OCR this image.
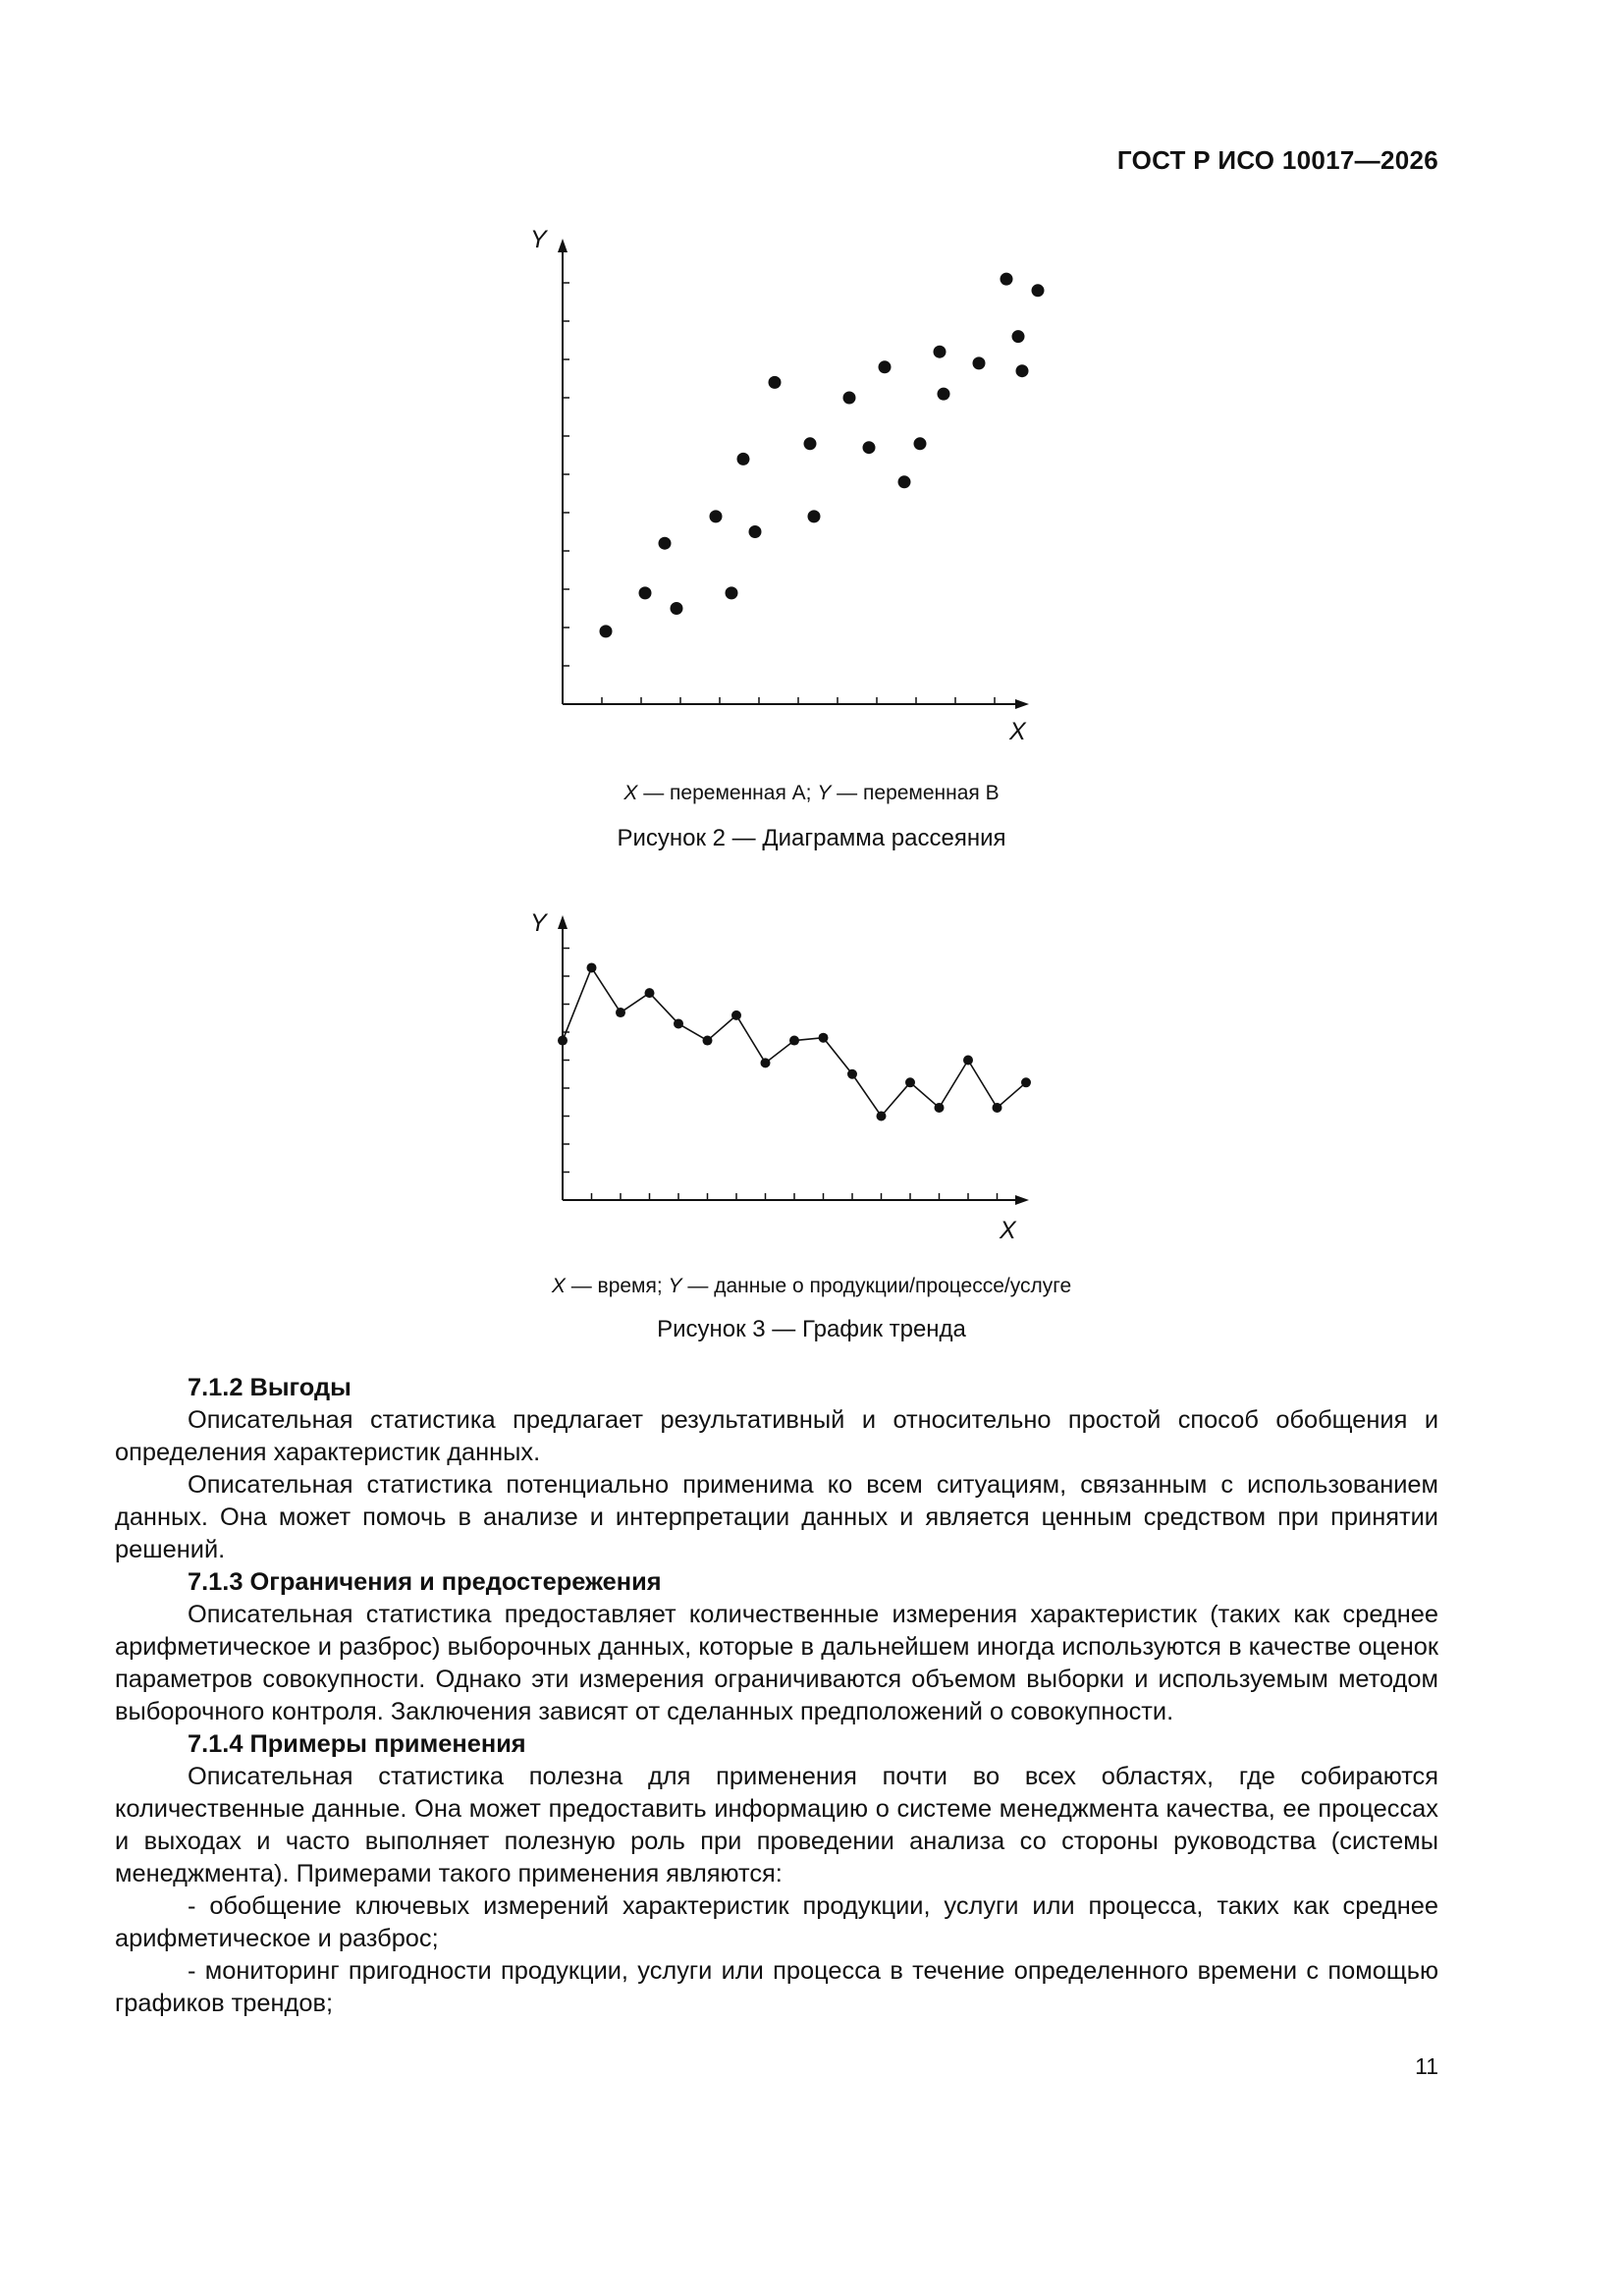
ГОСТ Р ИСО 10017—2026
Y
X
X — переменная А; Y — переменная В
Рисунок 2 — Диаграмма рассеяния
Y
X
X — время; Y — данные о продукции/процессе/услуге
Рисунок 3 — График тренда
7.1.2 Выгоды

Описательная статистика предлагает результативный и относительно простой способ обобщения и определения характеристик данных.

Описательная статистика потенциально применима ко всем ситуациям, связанным с использованием данных. Она может помочь в анализе и интерпретации данных и является ценным средством при принятии решений.

7.1.3 Ограничения и предостережения

Описательная статистика предоставляет количественные измерения характеристик (таких как среднее арифметическое и разброс) выборочных данных, которые в дальнейшем иногда используются в качестве оценок параметров совокупности. Однако эти измерения ограничиваются объемом выборки и используемым методом выборочного контроля. Заключения зависят от сделанных предположений о совокупности.

7.1.4 Примеры применения

Описательная статистика полезна для применения почти во всех областях, где собираются количественные данные. Она может предоставить информацию о системе менеджмента качества, ее процессах и выходах и часто выполняет полезную роль при проведении анализа со стороны руководства (системы менеджмента). Примерами такого применения являются:

- обобщение ключевых измерений характеристик продукции, услуги или процесса, таких как среднее арифметическое и разброс;

- мониторинг пригодности продукции, услуги или процесса в течение определенного времени с помощью графиков трендов;

11
